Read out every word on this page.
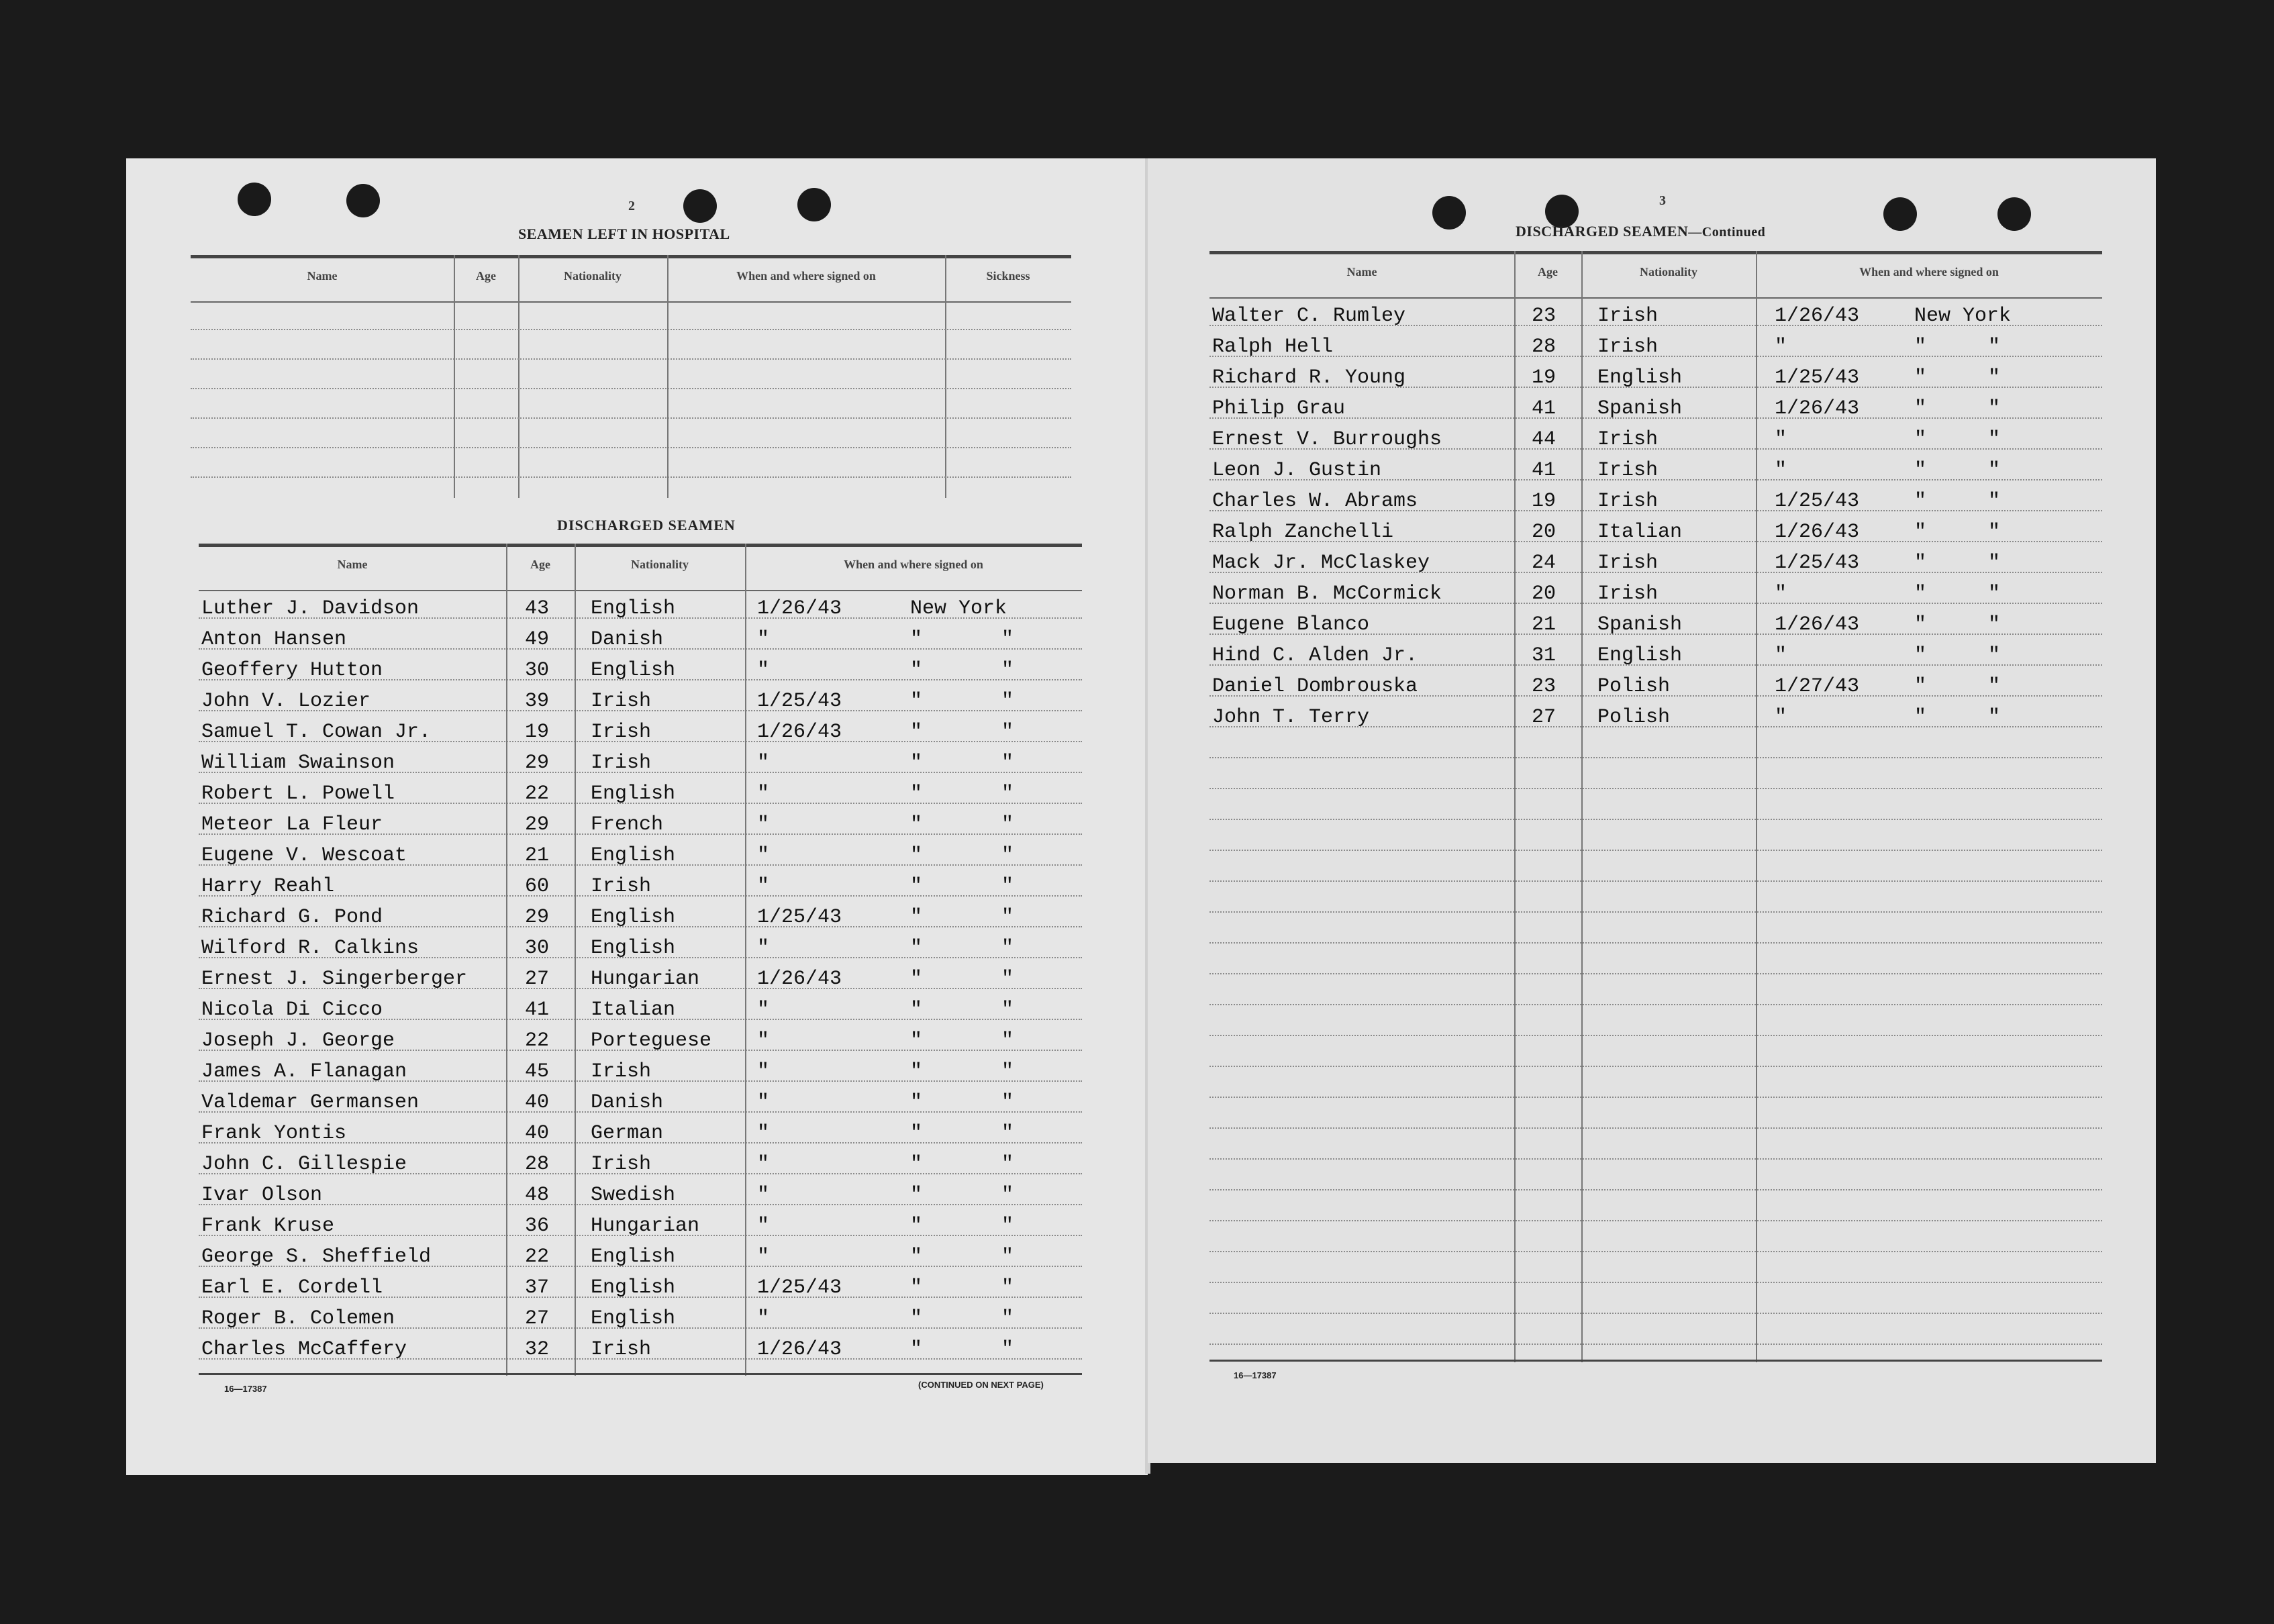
2
SEAMEN LEFT IN HOSPITAL
Name	Age	Nationality	When and where signed on	Sickness
DISCHARGED SEAMEN
Name	Age	Nationality	When and where signed on
Luther J. Davidson	43 English	1/26/43	New York
Anton Hansen	49 Danish	"	"	"
Geoffery Hutton	30 English	"	"	"
John V. Lozier	39 Irish	1/25/43	"	"
Samuel T. Cowan Jr.	19 Irish	1/26/43	"	"
William Swainson	29 Irish	"	"	"
Robert L. Powell	22 English	"	"	"
Meteor La Fleur	29 French	"	"	"
Eugene V. Wescoat	21 English	"	"	"
Harry Reahl	60 Irish	"	"	"
Richard G. Pond	29 English	1/25/43	"	"
Wilford R. Calkins	30 English	"	"	"
Ernest J. Singerberger	27 Hungarian	1/26/43	"	"
Nicola Di Cicco	41 Italian	"	"	"
Joseph J. George	22 Porteguese "	"	"
James A. Flanagan	45 Irish	"	"	"
Valdemar Germansen	40 Danish	"	"	"
Frank Yontis	40 German	"	"	"
John C. Gillespie	28 Irish	"	"	"
Ivar Olson	48 Swedish	"	"	"
Frank Kruse	36 Hungarian	"	"	"
George S. Sheffield	22 English	"	"	"
Earl E. Cordell	37 English	1/25/43	"	"
Roger B. Colemen	27 English	"	"	"
Charles McCaffery	32 Irish	1/26/43	"	"
16—17387	(CONTINUED ON NEXT PAGE)
3
DISCHARGED SEAMEN—Continued
Name	Age	Nationality	When and where signed on
Walter C. Rumley	23 Irish	1/26/43	New York
Ralph Hell	28 Irish	"	"	"
Richard R. Young	19 English	1/25/43	"	"
Philip Grau	41 Spanish	1/26/43	"	"
Ernest V. Burroughs	44 Irish	"	"	"
Leon J. Gustin	41 Irish	"	"	"
Charles W. Abrams	19 Irish	1/25/43	"	"
Ralph Zanchelli	20 Italian	1/26/43	"	"
Mack Jr. McClaskey	24 Irish	1/25/43	"	"
Norman B. McCormick	20 Irish	"	"	"
Eugene Blanco	21 Spanish	1/26/43	"	"
Hind C. Alden Jr.	31 English	"	"	"
Daniel Dombrouska	23 Polish	1/27/43	"	"
John T. Terry	27 Polish	"	"	"
16—17387
